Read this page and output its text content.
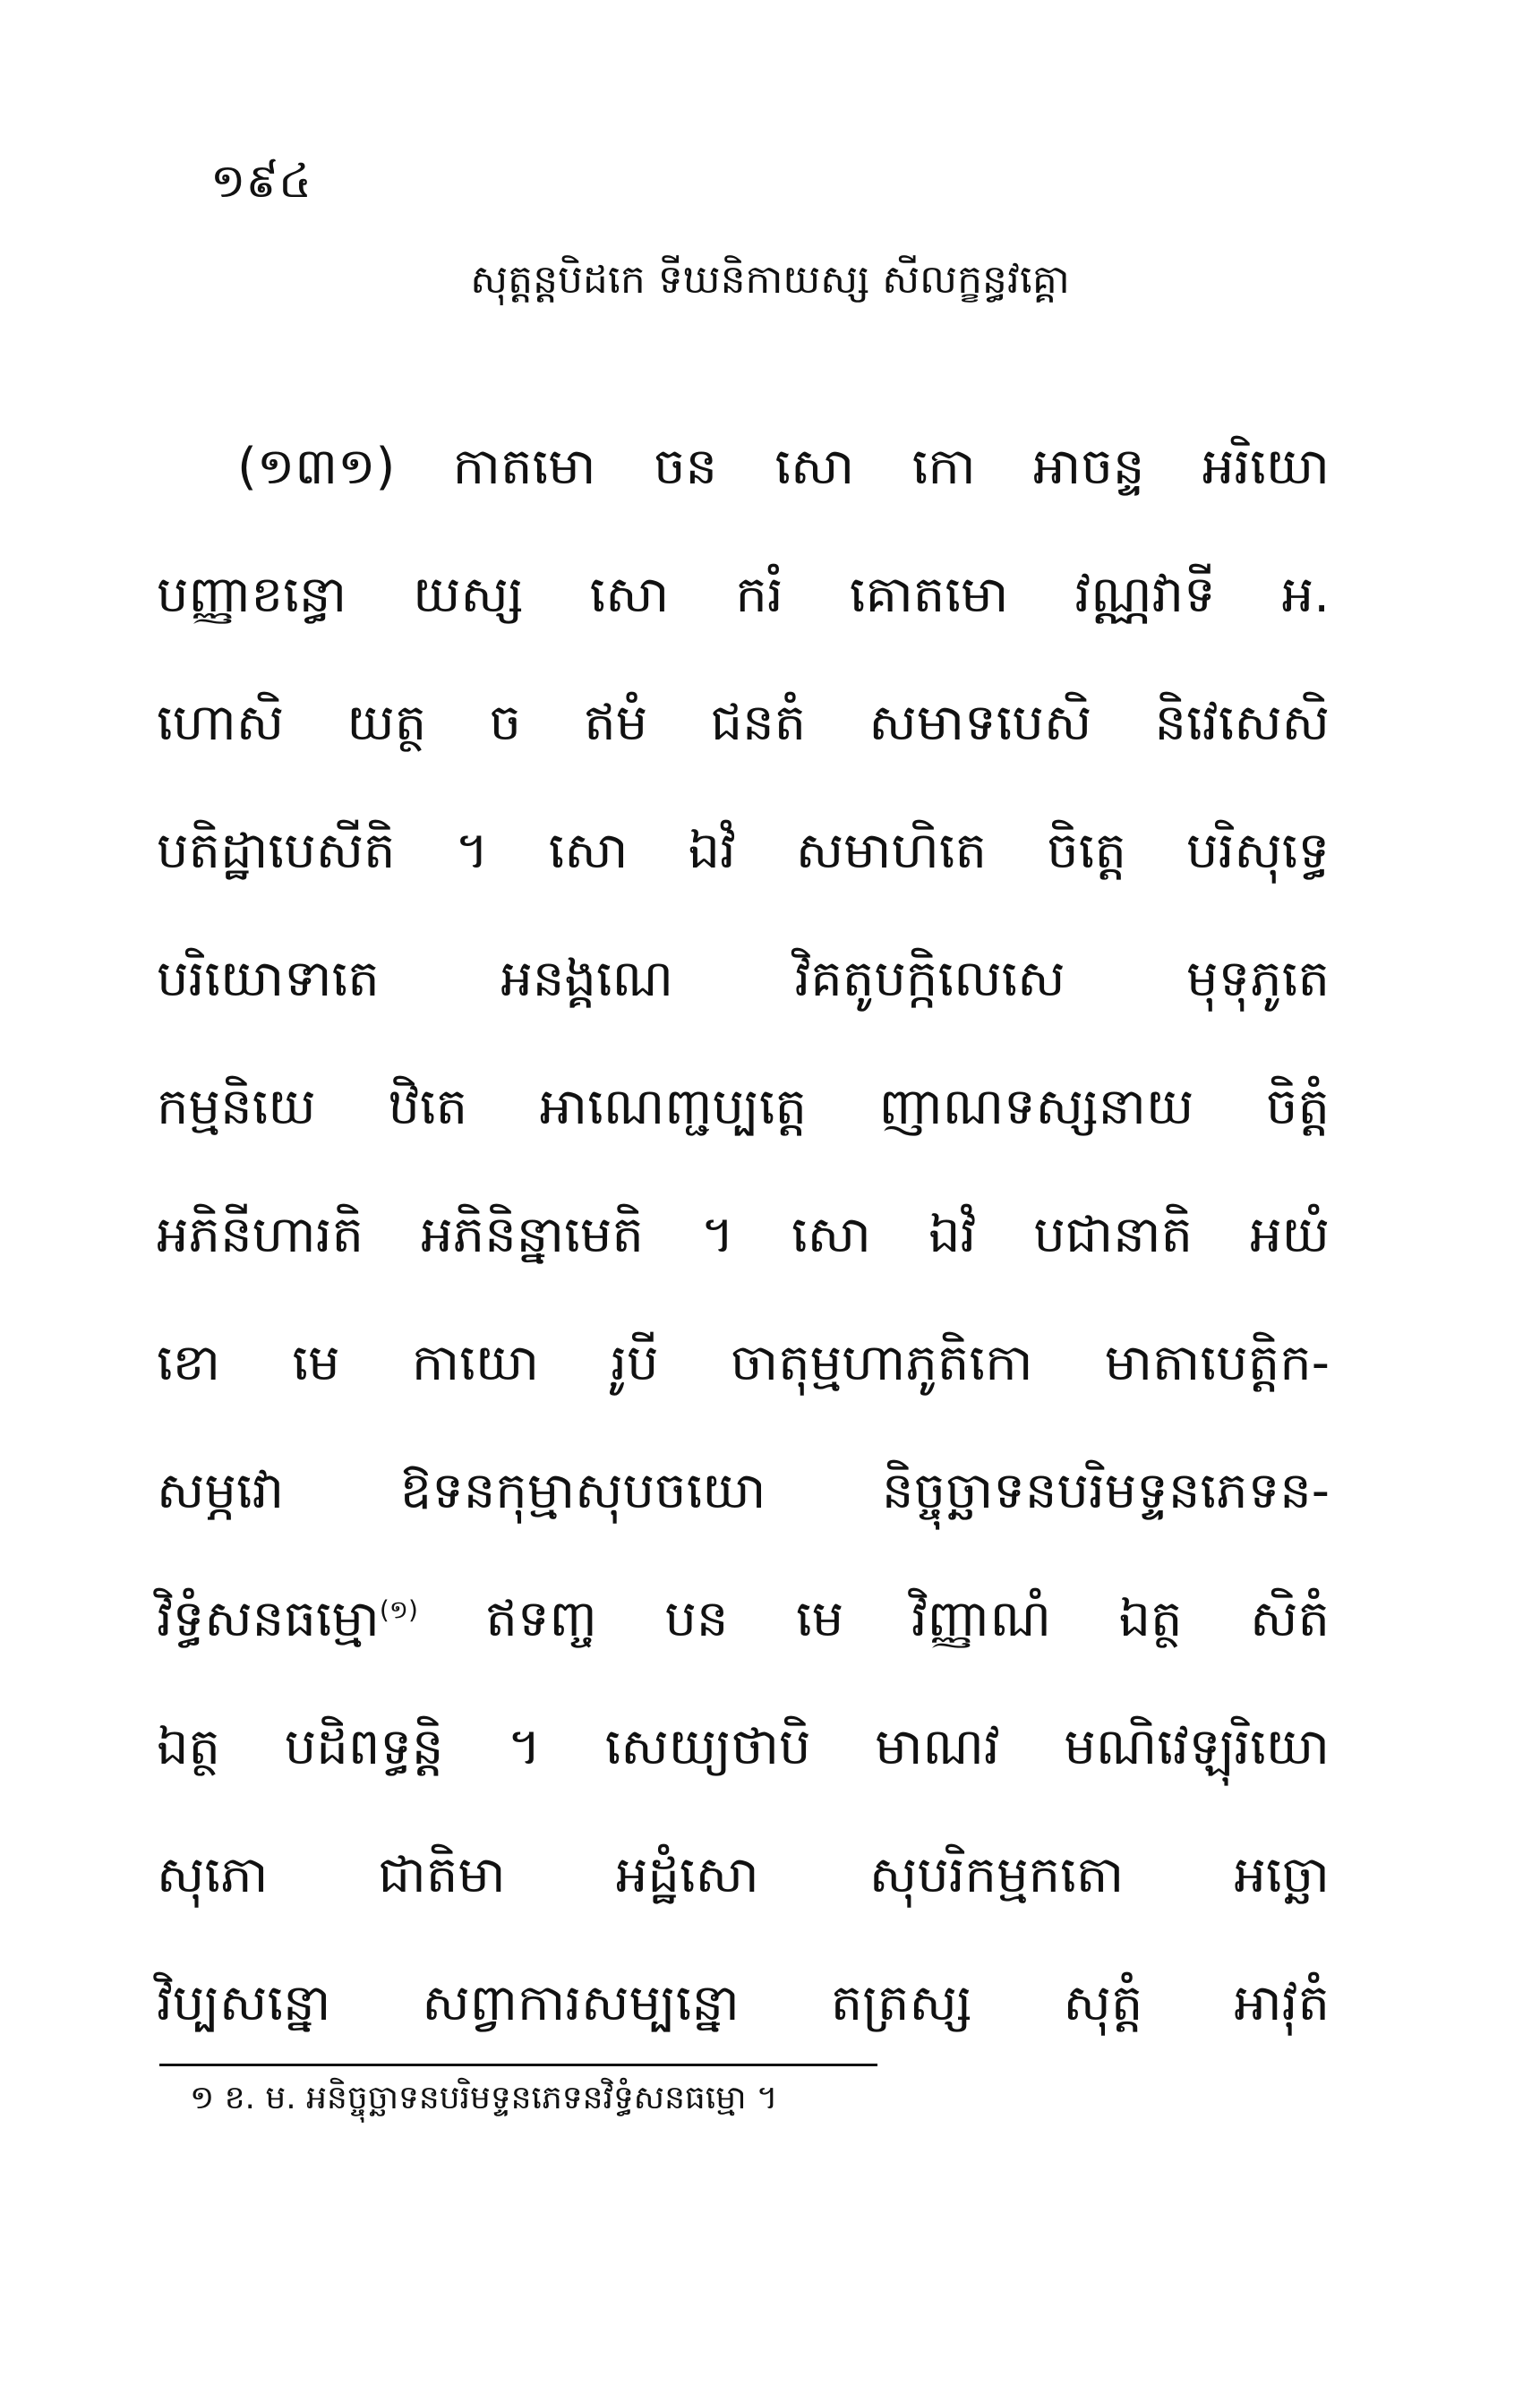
១៩៤
សុត្តន្តបិដកេ ទីឃនិកាយស្ស សីលក្ខន្ធវគ្គោ
(១៣១) កាតមោ ចន សោ កោ អាចន្ទ អរិយោ
បញ្ញាខន្ធោ យស្ស សោ ករំ គោតមោ វណ្ណវាទី អ.
ហោសិ យត្ថ ច ឥមំ ជនតំ សមាទបេសិ និវេសេសិ
បតិដ្ឋាបេសីតិ ។ សោ ឯវំ សមាហិតេ ចិត្តេ បរិសុទ្ធេ
បរិយោទាតេ អនង្គណេ វិគតូបក្កិលេសេ មុទុភូតេ
កម្មនិយេ ឋិតេ អាណេញ្ជប្បត្តេ ញាណទស្សនាយ ចិត្តំ
អភិនីហារតិ អភិនិន្នាមេតិ ។ សោ ឯវំ បជានាតិ អយំ
ខោ មេ កាយោ រូបី ចាតុម្មហាភូតិកោ មាតាបេត្តិក-
សម្ភវោ ឱទនកុម្មាសុបចយោ និច្ចុច្ឆាទនបរិមទ្ទនភេទន-
វិទ្ធំសនធម្មោ$^{(១)}$ ឥទញ្ច បន មេ វិញ្ញាណំ ឯត្ថ សិតំ
ឯត្ថ បដិពទ្ធន្តិ ។ សេយ្យថាបិ មាណវ មណិវេឡុរិយោ
សុភោ ជាតិមា អដ្ឋំសោ សុបរិកម្មកតោ អច្ឆោ
វិប្បសន្នោ សព្វាការសម្បន្នោ តត្រស្ស សុត្តំ អាវុតំ
១ ខ. ម. អនិច្ចុច្ឆាទនបរិមទ្ទនភេទនវិទ្ធំសនធម្មោ ។
